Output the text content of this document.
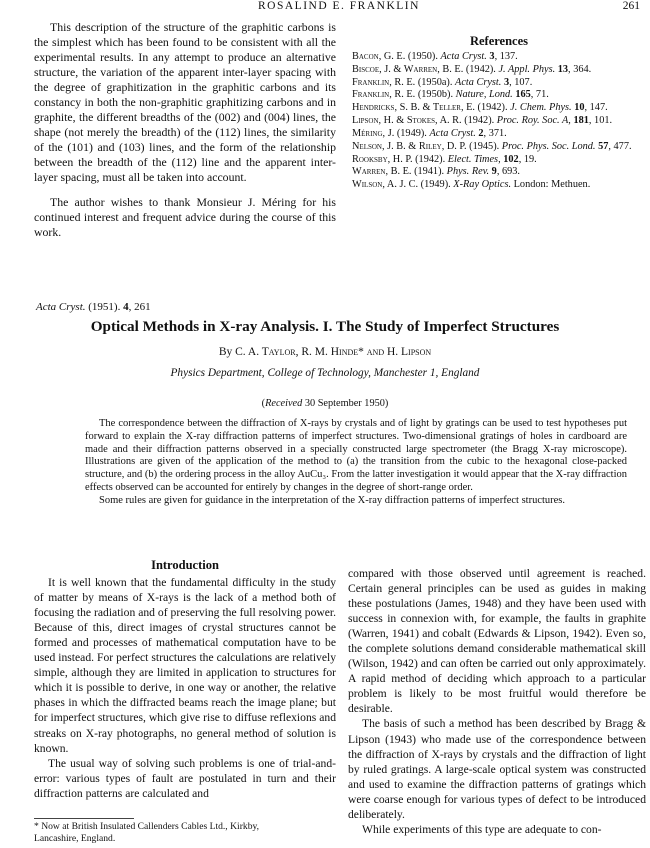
ROSALIND E. FRANKLIN	261

This description of the structure of the graphitic carbons is the simplest which has been found to be consistent with all the experimental results. In any attempt to produce an alternative structure, the variation of the apparent inter-layer spacing with the degree of graphitization in the graphitic carbons and its constancy in both the non-graphitic graphitizing carbons and in graphite, the different breadths of the (002) and (004) lines, the shape (not merely the breadth) of the (112) lines, the similarity of the (101) and (103) lines, and the form of the relationship between the breadth of the (112) line and the apparent inter-layer spacing, must all be taken into account.

The author wishes to thank Monsieur J. Méring for his continued interest and frequent advice during the course of this work.

References
Bacon, G. E. (1950). Acta Cryst. 3, 137.
Biscoe, J. & Warren, B. E. (1942). J. Appl. Phys. 13, 364.
Franklin, R. E. (1950a). Acta Cryst. 3, 107.
Franklin, R. E. (1950b). Nature, Lond. 165, 71.
Hendricks, S. B. & Teller, E. (1942). J. Chem. Phys. 10, 147.
Lipson, H. & Stokes, A. R. (1942). Proc. Roy. Soc. A, 181, 101.
Méring, J. (1949). Acta Cryst. 2, 371.
Nelson, J. B. & Riley, D. P. (1945). Proc. Phys. Soc. Lond. 57, 477.
Rooksby, H. P. (1942). Elect. Times, 102, 19.
Warren, B. E. (1941). Phys. Rev. 9, 693.
Wilson, A. J. C. (1949). X-Ray Optics. London: Methuen.
Acta Cryst. (1951). 4, 261
Optical Methods in X-ray Analysis. I. The Study of Imperfect Structures
By C. A. Taylor, R. M. Hinde* and H. Lipson
Physics Department, College of Technology, Manchester 1, England
(Received 30 September 1950)

The correspondence between the diffraction of X-rays by crystals and of light by gratings can be used to test hypotheses put forward to explain the X-ray diffraction patterns of imperfect structures. Two-dimensional gratings of holes in cardboard are made and their diffraction patterns observed in a specially constructed large spectrometer (the Bragg X-ray microscope). Illustrations are given of the application of the method to (a) the transition from the cubic to the hexagonal close-packed structure, and (b) the ordering process in the alloy AuCu₃. From the latter investigation it would appear that the X-ray diffraction effects observed can be accounted for entirely by changes in the degree of short-range order.

Some rules are given for guidance in the interpretation of the X-ray diffraction patterns of imperfect structures.

Introduction

It is well known that the fundamental difficulty in the study of matter by means of X-rays is the lack of a method both of focusing the radiation and of preserving the full resolving power. Because of this, direct images of crystal structures cannot be formed and processes of mathematical computation have to be used instead. For perfect structures the calculations are relatively simple, although they are limited in application to structures for which it is possible to derive, in one way or another, the relative phases in which the diffracted beams reach the image plane; but for imperfect structures, which give rise to diffuse reflexions and streaks on X-ray photographs, no general method of solution is known.

The usual way of solving such problems is one of trial-and-error: various types of fault are postulated in turn and their diffraction patterns are calculated and

* Now at British Insulated Callenders Cables Ltd., Kirkby,
Lancashire, England.

compared with those observed until agreement is reached. Certain general principles can be used as guides in making these postulations (James, 1948) and they have been used with success in connexion with, for example, the faults in graphite (Warren, 1941) and cobalt (Edwards & Lipson, 1942). Even so, the complete solutions demand considerable mathematical skill (Wilson, 1942) and can often be carried out only approximately. A rapid method of deciding which approach to a particular problem is likely to be most fruitful would therefore be desirable.

The basis of such a method has been described by Bragg & Lipson (1943) who made use of the correspondence between the diffraction of X-rays by crystals and the diffraction of light by ruled gratings. A large-scale optical system was constructed and used to examine the diffraction patterns of gratings which were coarse enough for various types of defect to be introduced deliberately.

While experiments of this type are adequate to con-
